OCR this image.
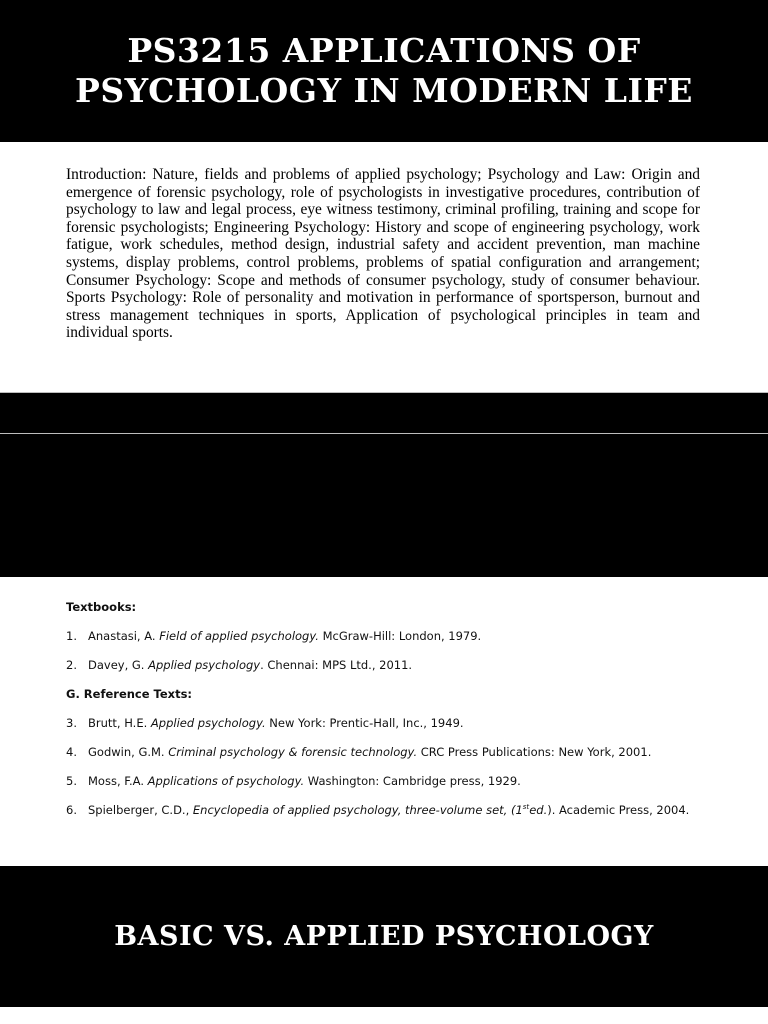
PS3215 APPLICATIONS OF
PSYCHOLOGY IN MODERN LIFE

Introduction: Nature, fields and problems of applied psychology; Psychology and Law: Origin and emergence of forensic psychology, role of psychologists in investigative procedures, contribution of psychology to law and legal process, eye witness testimony, criminal profiling, training and scope for forensic psychologists; Engineering Psychology: History and scope of engineering psychology, work fatigue, work schedules, method design, industrial safety and accident prevention, man machine systems, display problems, control problems, problems of spatial configuration and arrangement; Consumer Psychology: Scope and methods of consumer psychology, study of consumer behaviour. Sports Psychology: Role of personality and motivation in performance of sportsperson, burnout and stress management techniques in sports, Application of psychological principles in team and individual sports.

Textbooks:
1. Anastasi, A. Field of applied psychology. McGraw-Hill: London, 1979.
2. Davey, G. Applied psychology. Chennai: MPS Ltd., 2011.
G. Reference Texts:
3. Brutt, H.E. Applied psychology. New York: Prentic-Hall, Inc., 1949.
4. Godwin, G.M. Criminal psychology & forensic technology. CRC Press Publications: New York, 2001.
5. Moss, F.A. Applications of psychology. Washington: Cambridge press, 1929.
6. Spielberger, C.D., Encyclopedia of applied psychology, three-volume set, (1sted.). Academic Press, 2004.
BASIC VS. APPLIED PSYCHOLOGY
